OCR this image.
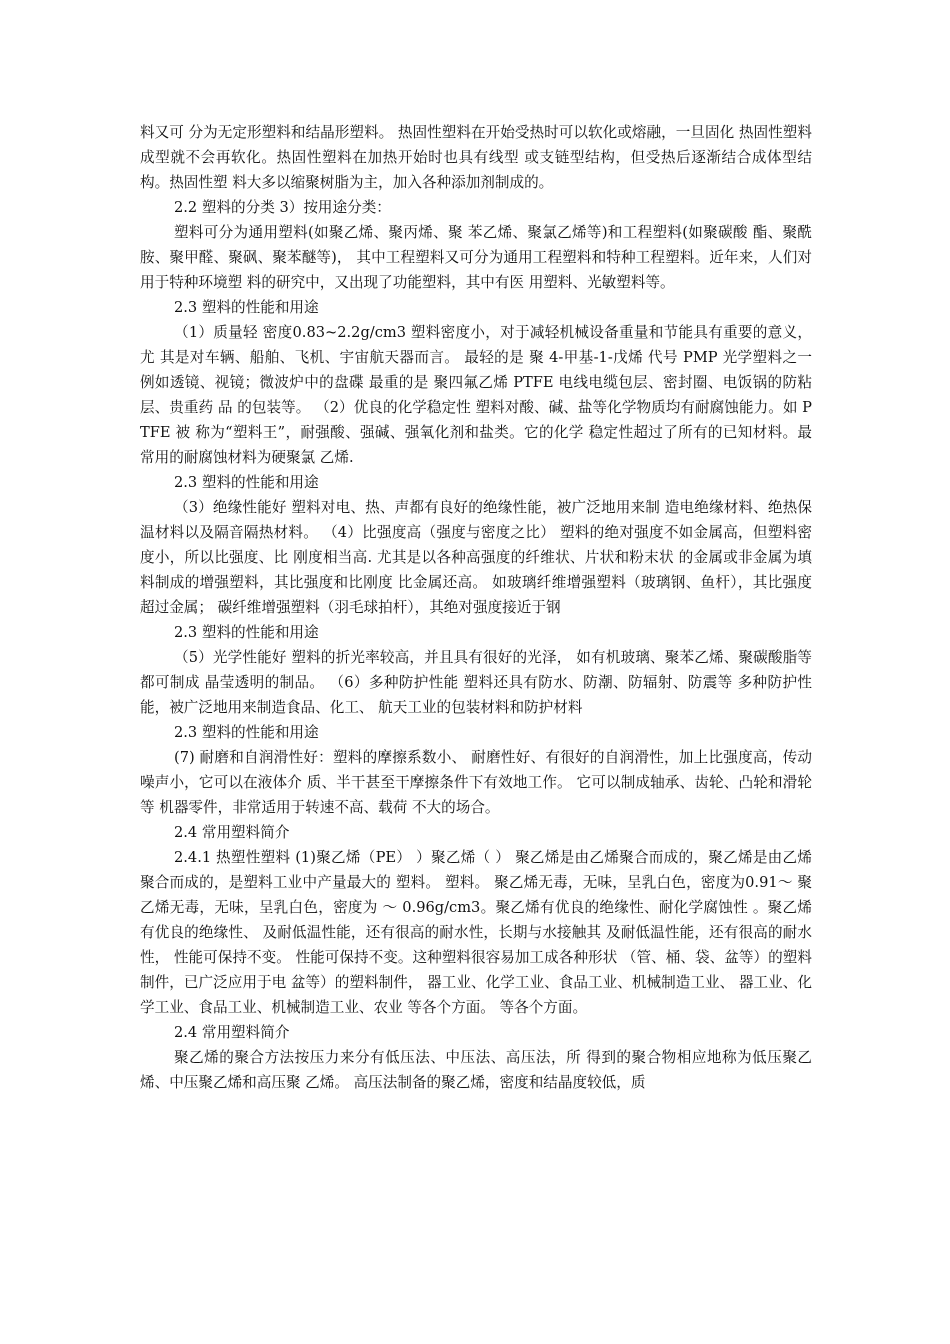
料又可 分为无定形塑料和结晶形塑料。 热固性塑料在开始受热时可以软化或熔融，一旦固化 热固性塑料 成型就不会再软化。热固性塑料在加热开始时也具有线型 或支链型结构，但受热后逐渐结合成体型结构。热固性塑 料大多以缩聚树脂为主，加入各种添加剂制成的。

2.2 塑料的分类 3）按用途分类：

塑料可分为通用塑料(如聚乙烯、聚丙烯、聚 苯乙烯、聚氯乙烯等)和工程塑料(如聚碳酸 酯、聚酰胺、聚甲醛、聚砜、聚苯醚等)， 其中工程塑料又可分为通用工程塑料和特种工程塑料。近年来，人们对用于特种环境塑 料的研究中，又出现了功能塑料，其中有医 用塑料、光敏塑料等。

2.3 塑料的性能和用途

（1）质量轻 密度0.83~2.2g/cm3 塑料密度小，对于减轻机械设备重量和节能具有重要的意义，尤 其是对车辆、船舶、飞机、宇宙航天器而言。 最轻的是 聚 4-甲基-1-戊烯 代号 PMP 光学塑料之一 例如透镜、视镜；微波炉中的盘碟 最重的是 聚四氟乙烯 PTFE 电线电缆包层、密封圈、电饭锅的防粘层、贵重药 品 的包装等。 （2）优良的化学稳定性 塑料对酸、碱、盐等化学物质均有耐腐蚀能力。如 PTFE 被 称为“塑料王”，耐强酸、强碱、强氧化剂和盐类。它的化学 稳定性超过了所有的已知材料。最常用的耐腐蚀材料为硬聚氯 乙烯.

2.3 塑料的性能和用途

（3）绝缘性能好 塑料对电、热、声都有良好的绝缘性能，被广泛地用来制 造电绝缘材料、绝热保温材料以及隔音隔热材料。 （4）比强度高（强度与密度之比） 塑料的绝对强度不如金属高，但塑料密度小，所以比强度、比 刚度相当高. 尤其是以各种高强度的纤维状、片状和粉末状 的金属或非金属为填料制成的增强塑料，其比强度和比刚度 比金属还高。 如玻璃纤维增强塑料（玻璃钢、鱼杆），其比强度超过金属； 碳纤维增强塑料（羽毛球拍杆），其绝对强度接近于钢

2.3 塑料的性能和用途

（5）光学性能好 塑料的折光率较高，并且具有很好的光泽， 如有机玻璃、聚苯乙烯、聚碳酸脂等都可制成 晶莹透明的制品。 （6）多种防护性能 塑料还具有防水、防潮、防辐射、防震等 多种防护性能，被广泛地用来制造食品、化工、 航天工业的包装材料和防护材料

2.3 塑料的性能和用途

(7) 耐磨和自润滑性好：塑料的摩擦系数小、 耐磨性好、有很好的自润滑性，加上比强度高，传动噪声小，它可以在液体介 质、半干甚至干摩擦条件下有效地工作。 它可以制成轴承、齿轮、凸轮和滑轮等 机器零件，非常适用于转速不高、载荷 不大的场合。

2.4 常用塑料简介

2.4.1 热塑性塑料 (1)聚乙烯（PE） ）聚乙烯（ ） 聚乙烯是由乙烯聚合而成的，聚乙烯是由乙烯聚合而成的，是塑料工业中产量最大的 塑料。 塑料。 聚乙烯无毒，无味，呈乳白色，密度为0.91～ 聚乙烯无毒，无味，呈乳白色，密度为 ～ 0.96g/cm3。聚乙烯有优良的绝缘性、耐化学腐蚀性 。聚乙烯有优良的绝缘性、 及耐低温性能，还有很高的耐水性，长期与水接触其 及耐低温性能，还有很高的耐水性， 性能可保持不变。 性能可保持不变。这种塑料很容易加工成各种形状 （管、桶、袋、盆等）的塑料制件，已广泛应用于电 盆等）的塑料制件， 器工业、化学工业、食品工业、机械制造工业、 器工业、化学工业、食品工业、机械制造工业、农业 等各个方面。 等各个方面。

2.4 常用塑料简介

聚乙烯的聚合方法按压力来分有低压法、中压法、高压法，所 得到的聚合物相应地称为低压聚乙烯、中压聚乙烯和高压聚 乙烯。 高压法制备的聚乙烯，密度和结晶度较低，质
